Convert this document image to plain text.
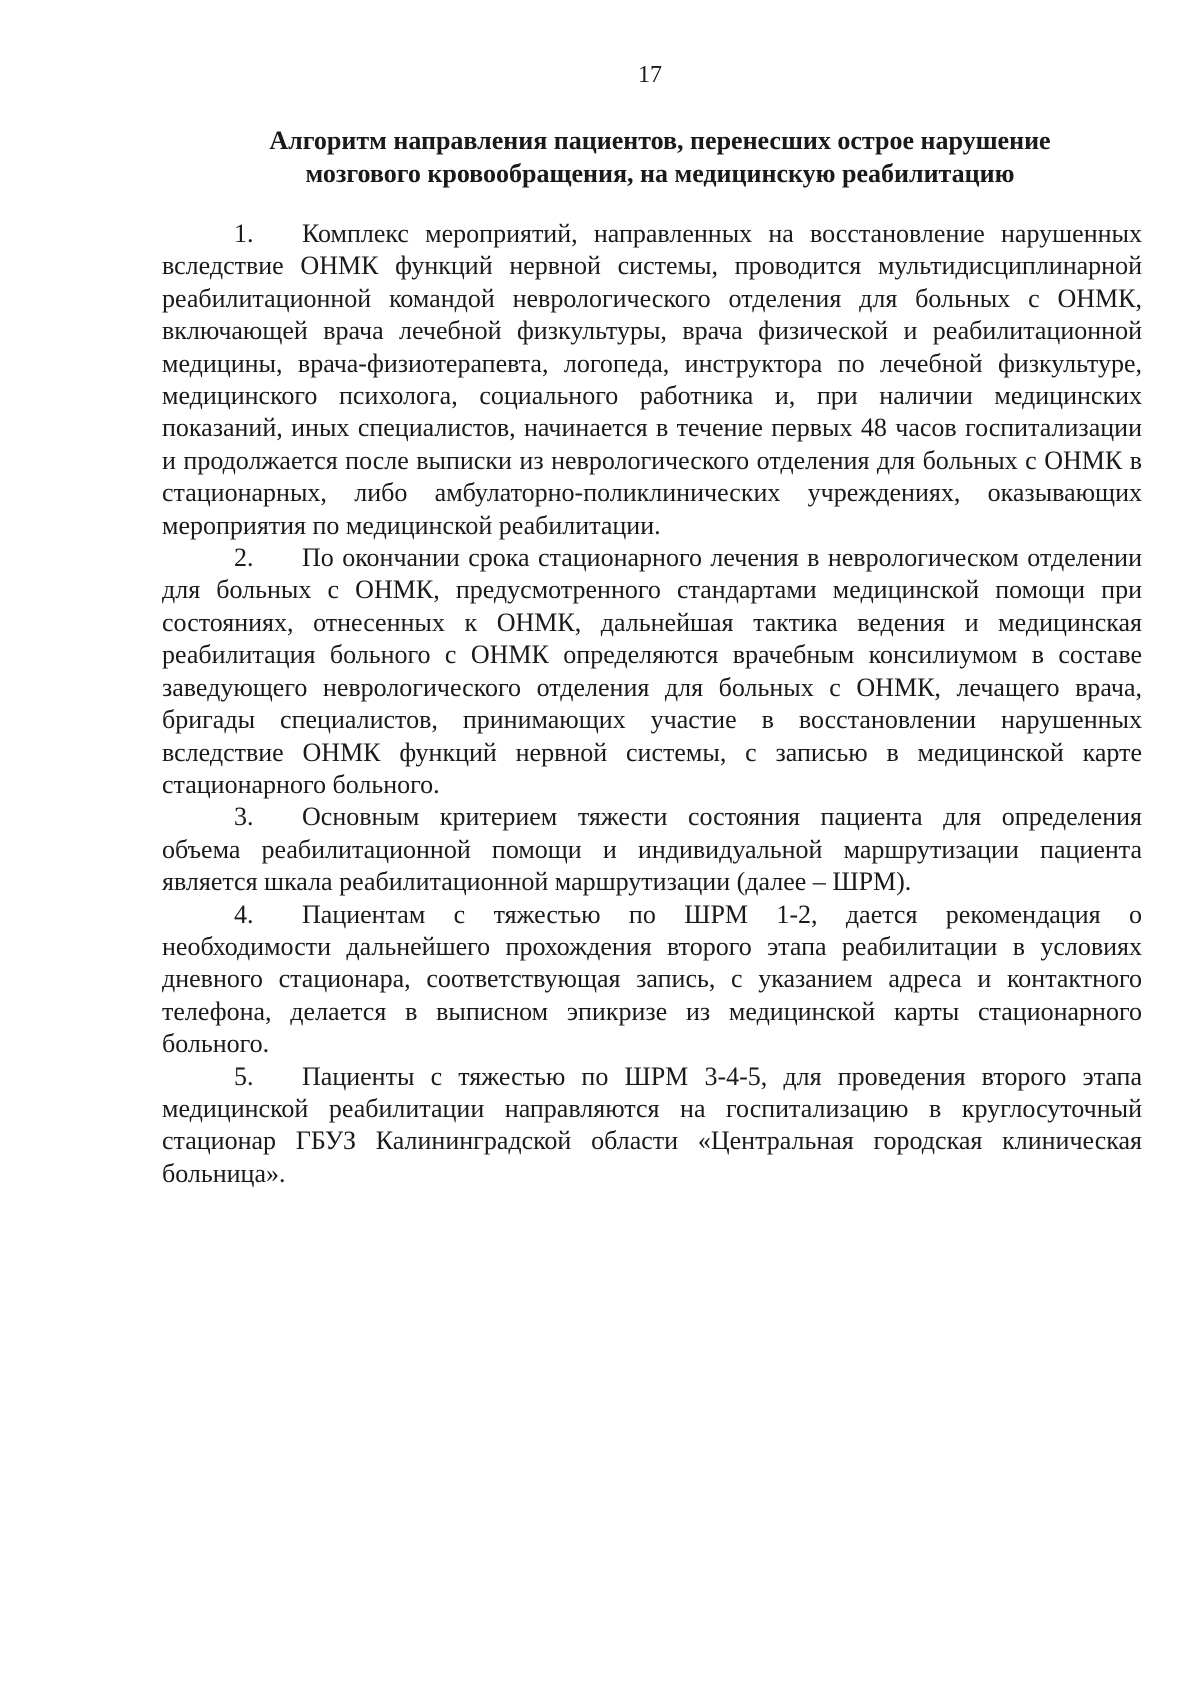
17
Алгоритм направления пациентов, перенесших острое нарушение
мозгового кровообращения, на медицинскую реабилитацию

1. Комплекс мероприятий, направленных на восстановление нарушенных вследствие ОНМК функций нервной системы, проводится мультидисциплинарной реабилитационной командой неврологического отделения для больных с ОНМК, включающей врача лечебной физкультуры, врача физической и реабилитационной медицины, врача-физиотерапевта, логопеда, инструктора по лечебной физкультуре, медицинского психолога, социального работника и, при наличии медицинских показаний, иных специалистов, начинается в течение первых 48 часов госпитализации и продолжается после выписки из неврологического отделения для больных с ОНМК в стационарных, либо амбулаторно-поликлинических учреждениях, оказывающих мероприятия по медицинской реабилитации.

2. По окончании срока стационарного лечения в неврологическом отделении для больных с ОНМК, предусмотренного стандартами медицинской помощи при состояниях, отнесенных к ОНМК, дальнейшая тактика ведения и медицинская реабилитация больного с ОНМК определяются врачебным консилиумом в составе заведующего неврологического отделения для больных с ОНМК, лечащего врача, бригады специалистов, принимающих участие в восстановлении нарушенных вследствие ОНМК функций нервной системы, с записью в медицинской карте стационарного больного.

3. Основным критерием тяжести состояния пациента для определения объема реабилитационной помощи и индивидуальной маршрутизации пациента является шкала реабилитационной маршрутизации (далее – ШРМ).

4. Пациентам с тяжестью по ШРМ 1-2, дается рекомендация о необходимости дальнейшего прохождения второго этапа реабилитации в условиях дневного стационара, соответствующая запись, с указанием адреса и контактного телефона, делается в выписном эпикризе из медицинской карты стационарного больного.

5. Пациенты с тяжестью по ШРМ 3-4-5, для проведения второго этапа медицинской реабилитации направляются на госпитализацию в круглосуточный стационар ГБУЗ Калининградской области «Центральная городская клиническая больница».
